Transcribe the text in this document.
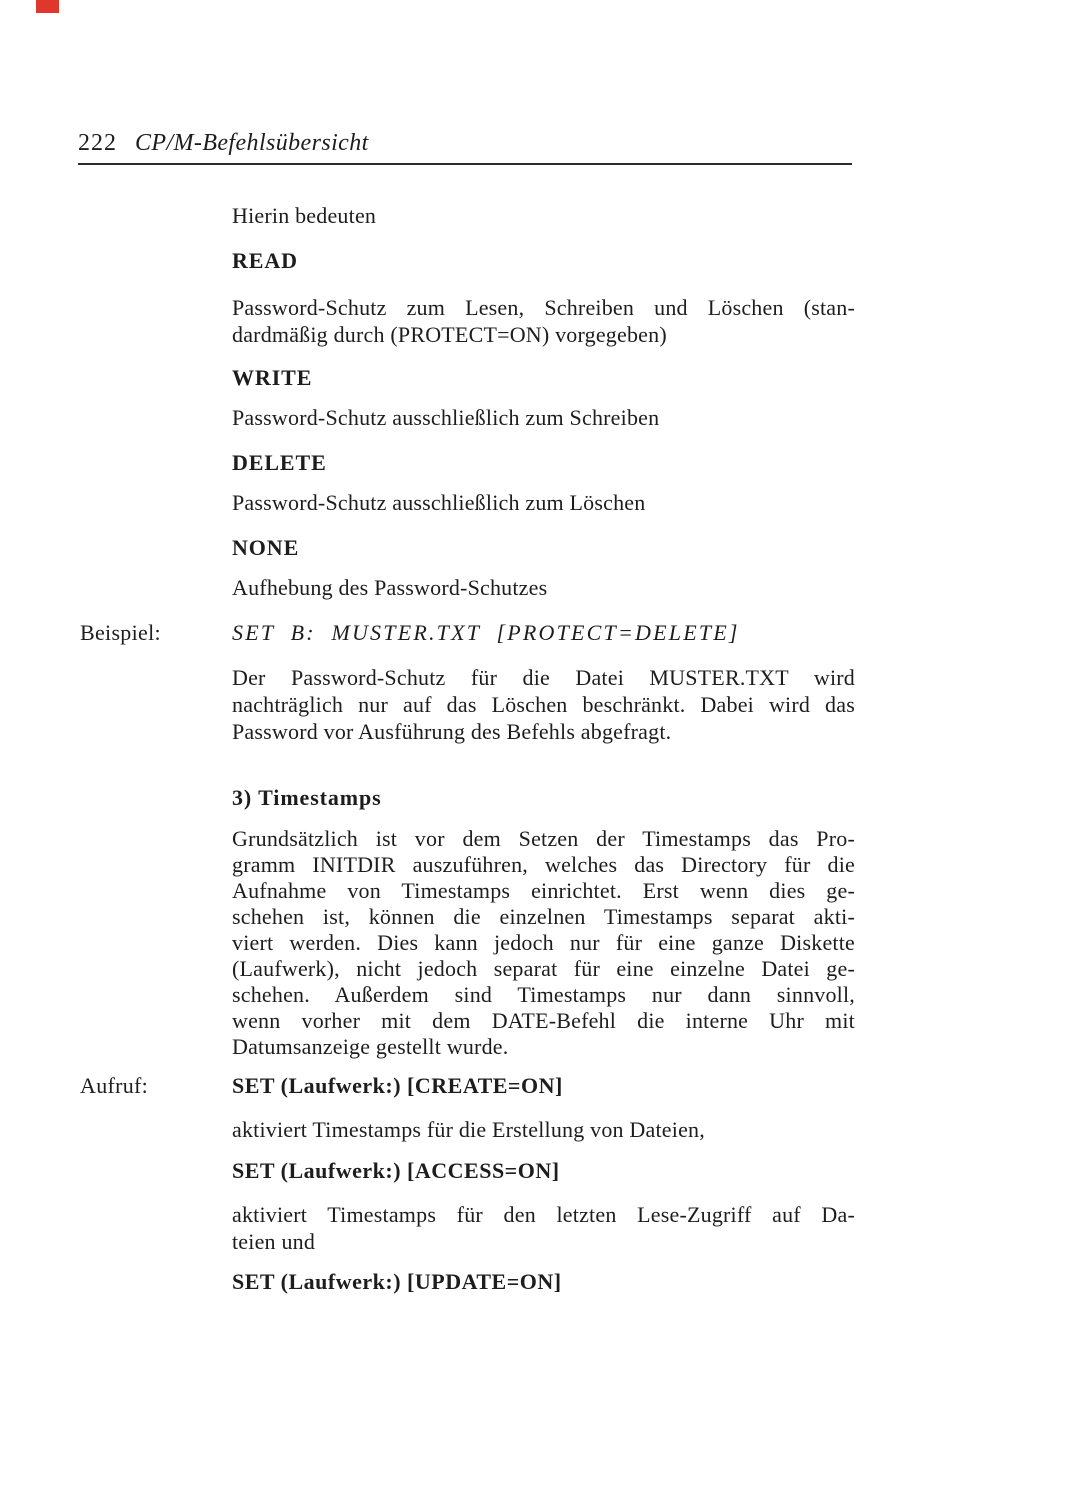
222 CP/M-Befehlsübersicht
Hierin bedeuten
READ
Password-Schutz zum Lesen, Schreiben und Löschen (stan-
dardmäßig durch (PROTECT=ON) vorgegeben)
WRITE
Password-Schutz ausschließlich zum Schreiben
DELETE
Password-Schutz ausschließlich zum Löschen
NONE
Aufhebung des Password-Schutzes
Beispiel:	SET B: MUSTER.TXT [PROTECT=DELETE]
Der Password-Schutz für die Datei MUSTER.TXT wird
nachträglich nur auf das Löschen beschränkt. Dabei wird das
Password vor Ausführung des Befehls abgefragt.
3) Timestamps
Grundsätzlich ist vor dem Setzen der Timestamps das Pro-
gramm INITDIR auszuführen, welches das Directory für die
Aufnahme von Timestamps einrichtet. Erst wenn dies ge-
schehen ist, können die einzelnen Timestamps separat akti-
viert werden. Dies kann jedoch nur für eine ganze Diskette
(Laufwerk), nicht jedoch separat für eine einzelne Datei ge-
schehen. Außerdem sind Timestamps nur dann sinnvoll,
wenn vorher mit dem DATE-Befehl die interne Uhr mit
Datumsanzeige gestellt wurde.
Aufruf:	SET (Laufwerk:) [CREATE=ON]
aktiviert Timestamps für die Erstellung von Dateien,
SET (Laufwerk:) [ACCESS=ON]
aktiviert Timestamps für den letzten Lese-Zugriff auf Da-
teien und
SET (Laufwerk:) [UPDATE=ON]
